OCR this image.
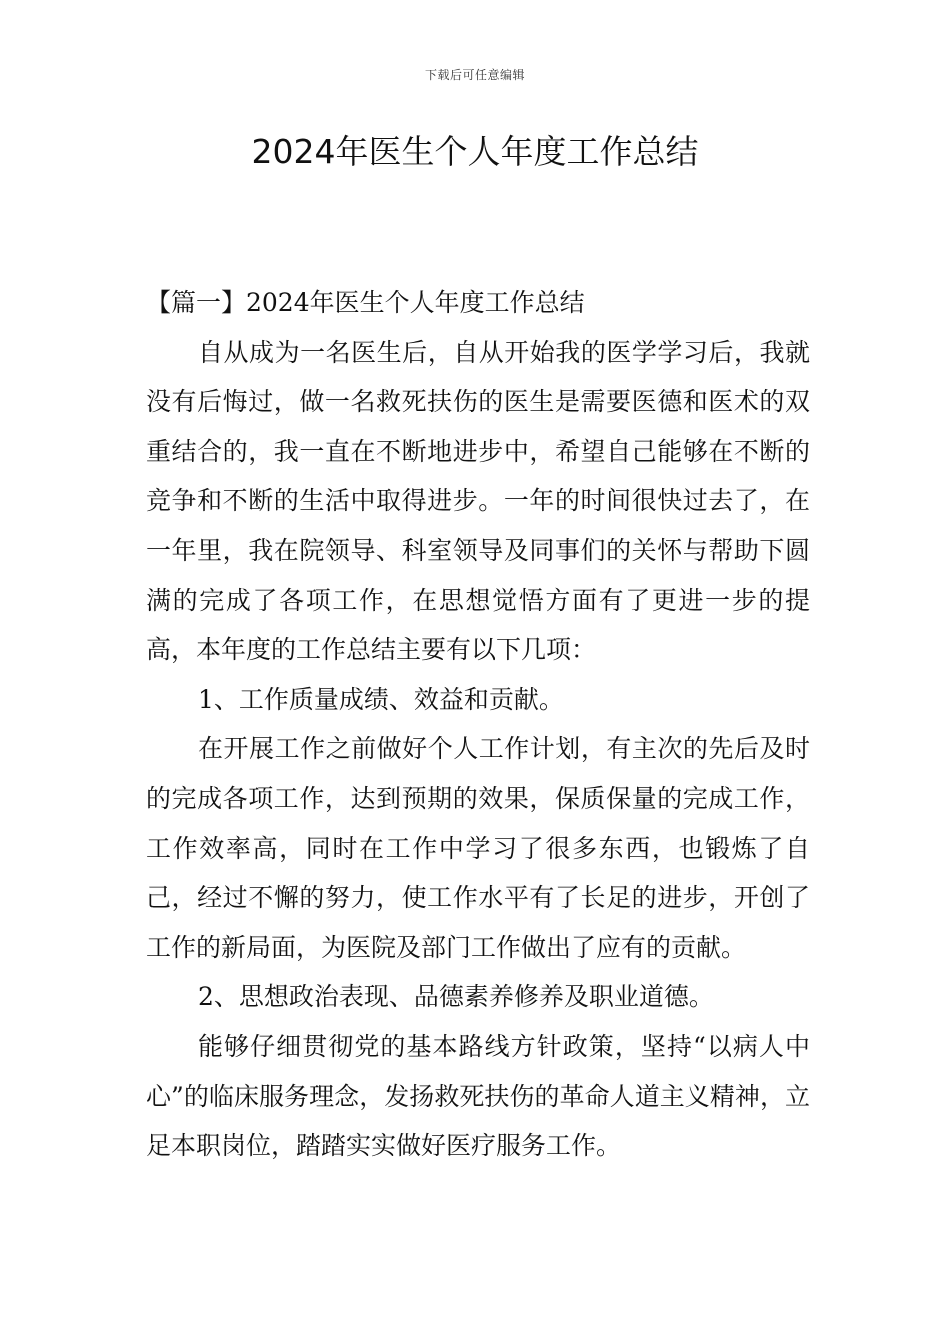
下载后可任意编辑
2024年医生个人年度工作总结

【篇一】2024年医生个人年度工作总结

自从成为一名医生后，自从开始我的医学学习后，我就没有后悔过，做一名救死扶伤的医生是需要医德和医术的双重结合的，我一直在不断地进步中，希望自己能够在不断的竞争和不断的生活中取得进步。一年的时间很快过去了，在一年里，我在院领导、科室领导及同事们的关怀与帮助下圆满的完成了各项工作，在思想觉悟方面有了更进一步的提高，本年度的工作总结主要有以下几项：

1、工作质量成绩、效益和贡献。

在开展工作之前做好个人工作计划，有主次的先后及时的完成各项工作，达到预期的效果，保质保量的完成工作，工作效率高，同时在工作中学习了很多东西，也锻炼了自己，经过不懈的努力，使工作水平有了长足的进步，开创了工作的新局面，为医院及部门工作做出了应有的贡献。

2、思想政治表现、品德素养修养及职业道德。

能够仔细贯彻党的基本路线方针政策，坚持“以病人中心”的临床服务理念，发扬救死扶伤的革命人道主义精神，立足本职岗位，踏踏实实做好医疗服务工作。
